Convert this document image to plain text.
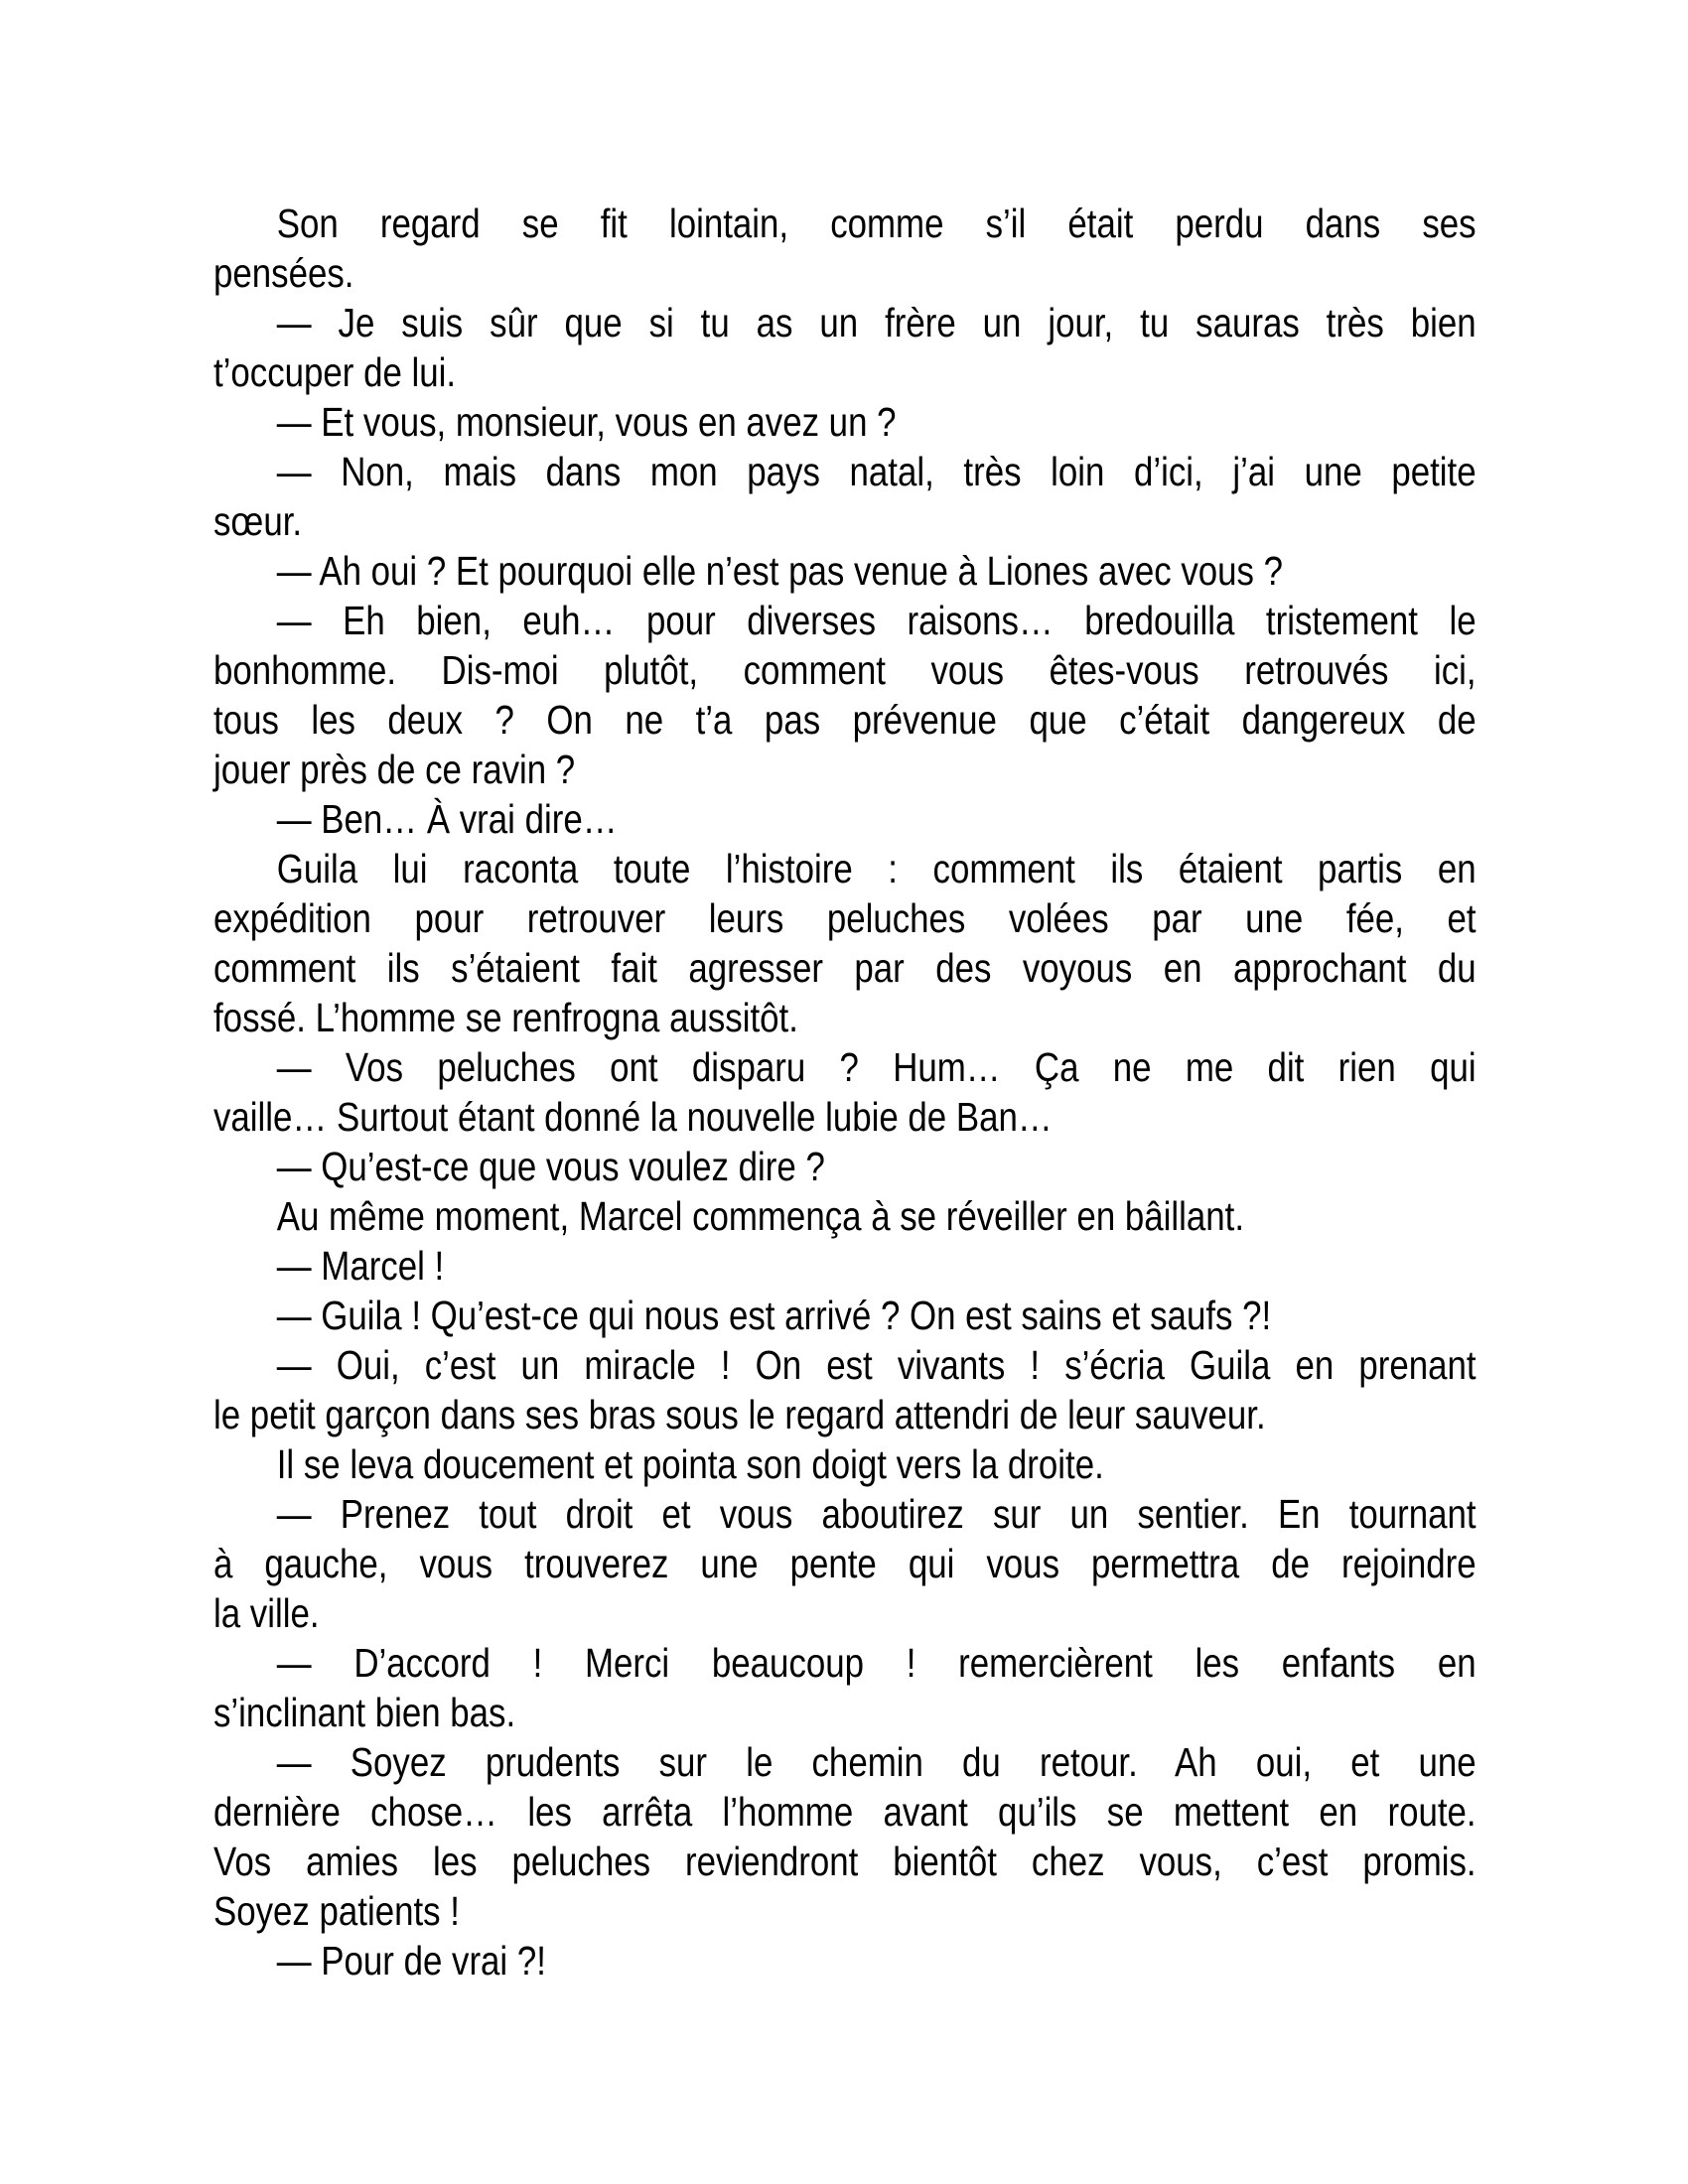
Son regard se fit lointain, comme s’il était perdu dans ses
pensées.

— Je suis sûr que si tu as un frère un jour, tu sauras très bien
t’occuper de lui.

— Et vous, monsieur, vous en avez un ?

— Non, mais dans mon pays natal, très loin d’ici, j’ai une petite
sœur.

— Ah oui ? Et pourquoi elle n’est pas venue à Liones avec vous ?

— Eh bien, euh… pour diverses raisons… bredouilla tristement le
bonhomme. Dis-moi plutôt, comment vous êtes-vous retrouvés ici,
tous les deux ? On ne t’a pas prévenue que c’était dangereux de
jouer près de ce ravin ?

— Ben… À vrai dire…

Guila lui raconta toute l’histoire : comment ils étaient partis en
expédition pour retrouver leurs peluches volées par une fée, et
comment ils s’étaient fait agresser par des voyous en approchant du
fossé. L’homme se renfrogna aussitôt.

— Vos peluches ont disparu ? Hum… Ça ne me dit rien qui
vaille… Surtout étant donné la nouvelle lubie de Ban…

— Qu’est-ce que vous voulez dire ?

Au même moment, Marcel commença à se réveiller en bâillant.

— Marcel !

— Guila ! Qu’est-ce qui nous est arrivé ? On est sains et saufs ?!

— Oui, c’est un miracle ! On est vivants ! s’écria Guila en prenant
le petit garçon dans ses bras sous le regard attendri de leur sauveur.

Il se leva doucement et pointa son doigt vers la droite.

— Prenez tout droit et vous aboutirez sur un sentier. En tournant
à gauche, vous trouverez une pente qui vous permettra de rejoindre
la ville.

— D’accord ! Merci beaucoup ! remercièrent les enfants en
s’inclinant bien bas.

— Soyez prudents sur le chemin du retour. Ah oui, et une
dernière chose… les arrêta l’homme avant qu’ils se mettent en route.
Vos amies les peluches reviendront bientôt chez vous, c’est promis.
Soyez patients !

— Pour de vrai ?!
